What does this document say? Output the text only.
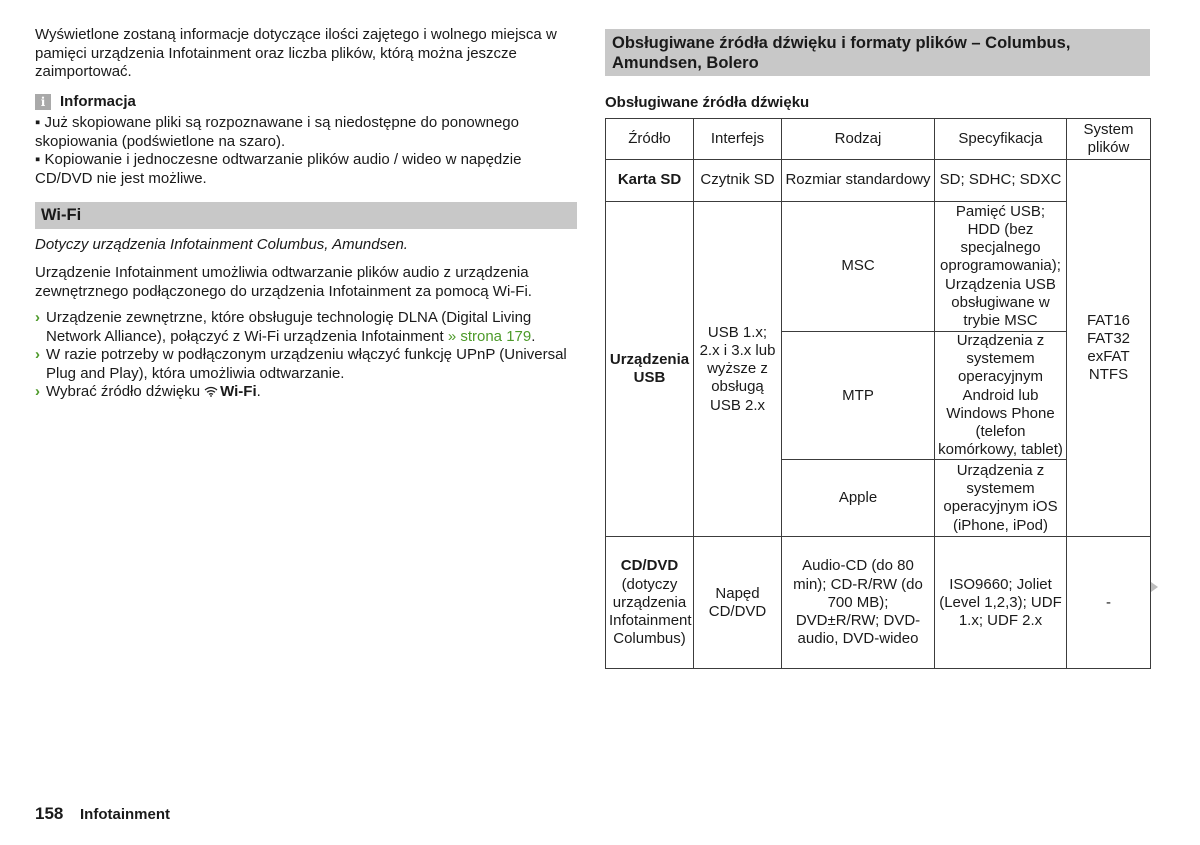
Wyświetlone zostaną informacje dotyczące ilości zajętego i wolnego miejsca w pamięci urządzenia Infotainment oraz liczba plików, którą można jeszcze zaimportować.

i Informacja

▪ Już skopiowane pliki są rozpoznawane i są niedostępne do ponownego skopiowania (podświetlone na szaro).

▪ Kopiowanie i jednoczesne odtwarzanie plików audio / wideo w napędzie CD/DVD nie jest możliwe.

Wi-Fi

Dotyczy urządzenia Infotainment Columbus, Amundsen.

Urządzenie Infotainment umożliwia odtwarzanie plików audio z urządzenia zewnętrznego podłączonego do urządzenia Infotainment za pomocą Wi-Fi.

› Urządzenie zewnętrzne, które obsługuje technologię DLNA (Digital Living Network Alliance), połączyć z Wi-Fi urządzenia Infotainment » strona 179.
› W razie potrzeby w podłączonym urządzeniu włączyć funkcję UPnP (Universal Plug and Play), która umożliwia odtwarzanie.
› Wybrać źródło dźwięku Wi-Fi.
Obsługiwane źródła dźwięku i formaty plików – Columbus, Amundsen, Bolero
Obsługiwane źródła dźwięku
Źródło	Interfejs	Rodzaj	Specyfikacja	System plików
Karta SD	Czytnik SD	Rozmiar standardowy	SD; SDHC; SDXC	FAT16
FAT32
exFAT
NTFS

Urządzenia USB	USB 1.x; 2.x i 3.x lub wyższe z obsługą USB 2.x	MSC	Pamięć USB; HDD (bez specjalnego oprogramowania); Urządzenia USB obsługiwane w trybie MSC	
		MTP	Urządzenia z systemem operacyjnym Android lub Windows Phone (telefon komórkowy, tablet)	
		Apple	Urządzenia z systemem operacyjnym iOS (iPhone, iPod)	
CD/DVD (dotyczy urządzenia Infotainment Columbus)	Napęd CD/DVD	Audio-CD (do 80 min); CD-R/RW (do 700 MB); DVD±R/RW; DVD-audio, DVD-wideo	ISO9660; Joliet (Level 1,2,3); UDF 1.x; UDF 2.x	-
158 Infotainment
